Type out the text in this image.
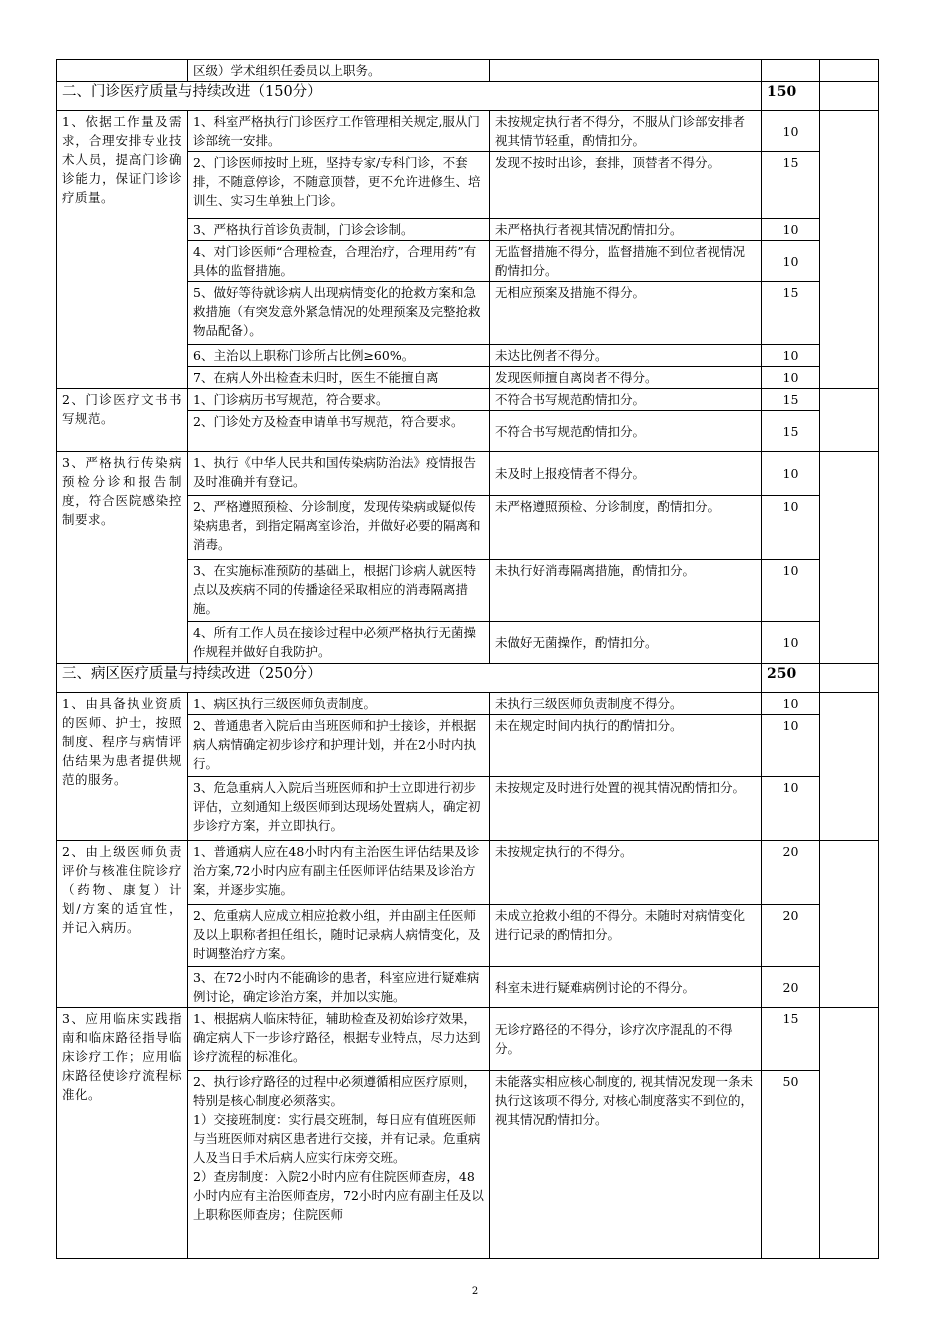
	区级）学术组织任委员以上职务。			
二、门诊医疗质量与持续改进（150分）			150	
1、依据工作量及需求，合理安排专业技术人员，提高门诊确诊能力，保证门诊诊疗质量。	1、科室严格执行门诊医疗工作管理相关规定,服从门诊部统一安排。	未按规定执行者不得分，不服从门诊部安排者视其情节轻重，酌情扣分。	10	
	2、门诊医师按时上班，坚持专家/专科门诊，不套排，不随意停诊，不随意顶替，更不允许进修生、培训生、实习生单独上门诊。	发现不按时出诊，套排，顶替者不得分。	15	
	3、严格执行首诊负责制，门诊会诊制。	未严格执行者视其情况酌情扣分。	10	
	4、对门诊医师“合理检查，合理治疗，合理用药”有具体的监督措施。	无监督措施不得分，监督措施不到位者视情况酌情扣分。	10	
	5、做好等待就诊病人出现病情变化的抢救方案和急救措施（有突发意外紧急情况的处理预案及完整抢救物品配备）。	无相应预案及措施不得分。	15	
	6、主治以上职称门诊所占比例≥60%。	未达比例者不得分。	10	
	7、在病人外出检查未归时，医生不能擅自离	发现医师擅自离岗者不得分。	10	
2、门诊医疗文书书写规范。	1、门诊病历书写规范，符合要求。	不符合书写规范酌情扣分。	15	
	2、门诊处方及检查申请单书写规范，符合要求。	不符合书写规范酌情扣分。	15	
3、严格执行传染病预检分诊和报告制度，符合医院感染控制要求。	1、执行《中华人民共和国传染病防治法》疫情报告及时准确并有登记。	未及时上报疫情者不得分。	10	
	2、严格遵照预检、分诊制度，发现传染病或疑似传染病患者，到指定隔离室诊治，并做好必要的隔离和消毒。	未严格遵照预检、分诊制度，酌情扣分。	10	
	3、在实施标准预防的基础上，根据门诊病人就医特点以及疾病不同的传播途径采取相应的消毒隔离措施。	未执行好消毒隔离措施，酌情扣分。	10	
	4、所有工作人员在接诊过程中必须严格执行无菌操作规程并做好自我防护。	未做好无菌操作，酌情扣分。	10	
三、病区医疗质量与持续改进（250分）			250	
1、由具备执业资质的医师、护士，按照制度、程序与病情评估结果为患者提供规范的服务。	1、病区执行三级医师负责制度。	未执行三级医师负责制度不得分。	10	
	2、普通患者入院后由当班医师和护士接诊，并根据病人病情确定初步诊疗和护理计划，并在2小时内执行。	未在规定时间内执行的酌情扣分。	10	
	3、危急重病人入院后当班医师和护士立即进行初步评估，立刻通知上级医师到达现场处置病人，确定初步诊疗方案，并立即执行。	未按规定及时进行处置的视其情况酌情扣分。	10	
2、由上级医师负责评价与核准住院诊疗（药物、康复）计划/方案的适宜性，并记入病历。	1、普通病人应在48小时内有主治医生评估结果及诊治方案,72小时内应有副主任医师评估结果及诊治方案，并逐步实施。	未按规定执行的不得分。	20	
	2、危重病人应成立相应抢救小组，并由副主任医师及以上职称者担任组长，随时记录病人病情变化，及时调整治疗方案。	未成立抢救小组的不得分。未随时对病情变化进行记录的酌情扣分。	20	
	3、在72小时内不能确诊的患者，科室应进行疑难病例讨论，确定诊治方案，并加以实施。	科室未进行疑难病例讨论的不得分。	20	
3、应用临床实践指南和临床路径指导临床诊疗工作；应用临床路径使诊疗流程标准化。	1、根据病人临床特征，辅助检查及初始诊疗效果，确定病人下一步诊疗路径，根据专业特点，尽力达到诊疗流程的标准化。	无诊疗路径的不得分，诊疗次序混乱的不得分。	15	

	2、执行诊疗路径的过程中必须遵循相应医疗原则，特别是核心制度必须落实。
1）交接班制度：实行晨交班制，每日应有值班医师与当班医师对病区患者进行交接，并有记录。危重病人及当日手术后病人应实行床旁交班。
2）查房制度：入院2小时内应有住院医师查房，48小时内应有主治医师查房，72小时内应有副主任及以上职称医师查房；住院医师	未能落实相应核心制度的, 视其情况发现一条未执行这该项不得分, 对核心制度落实不到位的，视其情况酌情扣分。	50	
2
